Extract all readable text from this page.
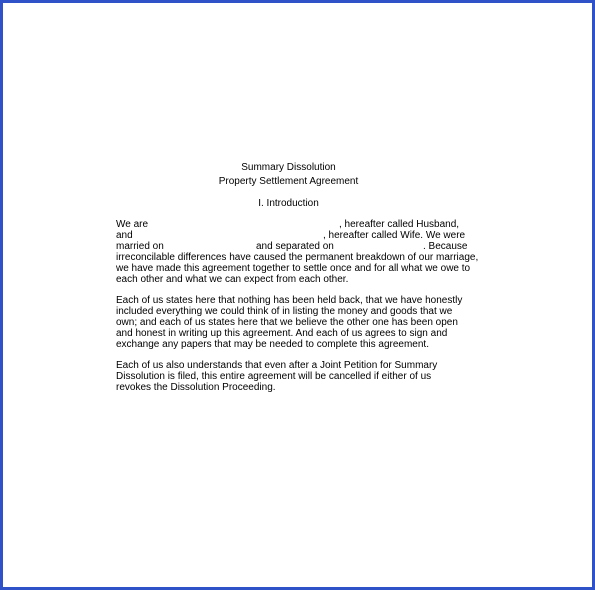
Summary Dissolution
Property Settlement Agreement
I. Introduction
We are	, hereafter called Husband,
and	, hereafter called Wife. We were
married on	and separated on	. Because
irreconcilable differences have caused the permanent breakdown of our marriage,
we have made this agreement together to settle once and for all what we owe to
each other and what we can expect from each other.
Each of us states here that nothing has been held back, that we have honestly
included everything we could think of in listing the money and goods that we
own; and each of us states here that we believe the other one has been open
and honest in writing up this agreement. And each of us agrees to sign and
exchange any papers that may be needed to complete this agreement.
Each of us also understands that even after a Joint Petition for Summary
Dissolution is filed, this entire agreement will be cancelled if either of us
revokes the Dissolution Proceeding.
